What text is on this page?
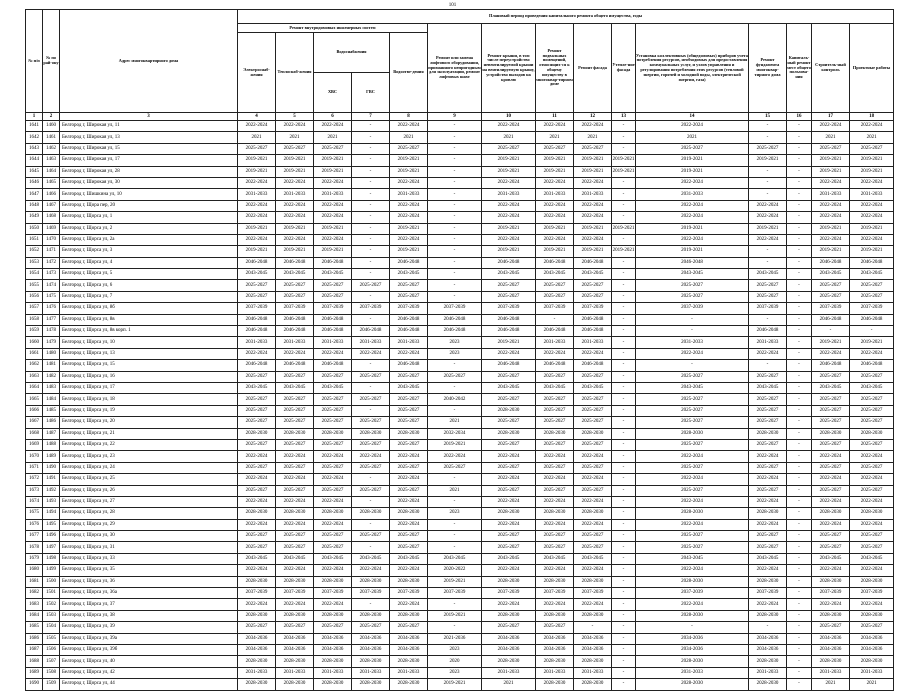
101
№ п/п	№ по рай-ону	Адрес многоквартирного дома	Плановый период проведения капитального ремонта общего имущества, годы														
			Ремонт внутридомовых инженерных систем					Ремонт или замена лифтового оборудования, признанного непригодным для эксплуатации, ремонт лифтовых шахт	Ремонт крыши, в том числе переустройство невентилируемой крыши на вентилируемую крышу, устройство выходов на кровлю	Ремонт подвальных помещений, относящих-ся к общему имуществу в многоквар-тирном доме	Ремонт фасада	Утепле-ние фасада	Установка коллективных (общедомовых) приборов учета потребления ресурсов, необходимых для предоставления коммунальных услуг, и узлов управления и регулирования потребления этих ресурсов (тепловой энергии, горячей и холодной воды, электрической энергии, газа)	Ремонт фундамента многоквар-тирного дома	Капиталь-ный ремонт мест общего пользова-ния	Строитель-ный контроль	Проектные работы
			Электроснаб-жения	Теплоснаб-жения	Водоснабжения		Водоотве-дения										
					ХВС	ГВС											
1	2	3	4	5	6	7	8	9	10	11	12	13	14	15	16	17	18
1641	1460	Белгород г, Широкая ул, 11	2022-2024	2022-2024	2022-2024	-	2022-2024	-	2022-2024	2022-2024	2022-2024	-	2022-2024	-	-	2022-2024	2022-2024
1642	1461	Белгород г, Широкая ул, 13	2021	2021	2021	-	2021	-	2021	2021	2021	-	2021	-	-	2021	2021
1643	1462	Белгород г, Широкая ул, 15	2025-2027	2025-2027	2025-2027	-	2025-2027	-	2025-2027	2025-2027	2025-2027	-	2025-2027	2025-2027	-	2025-2027	2025-2027
1644	1463	Белгород г, Широкая ул, 17	2019-2021	2019-2021	2019-2021	-	2019-2021	-	2019-2021	2019-2021	2019-2021	2019-2021	2019-2021	2019-2021	-	2019-2021	2019-2021
1645	1464	Белгород г, Широкая ул, 28	2019-2021	2019-2021	2019-2021	-	2019-2021	-	2019-2021	2019-2021	2019-2021	2019-2021	2019-2021	-	-	2019-2021	2019-2021
1646	1465	Белгород г, Широкая ул, 30	2022-2024	2022-2024	2022-2024	-	2022-2024	-	2022-2024	2022-2024	2022-2024	-	2022-2024	-	-	2022-2024	2022-2024
1647	1466	Белгород г, Шишкина ул, 10	2031-2033	2031-2033	2031-2033	-	2031-2033	-	2031-2033	2031-2033	2031-2033	-	2031-2033	-	-	2031-2033	2031-2033
1648	1467	Белгород г, Щора пер, 20	2022-2024	2022-2024	2022-2024	-	2022-2024	-	2022-2024	2022-2024	2022-2024	-	2022-2024	2022-2024	-	2022-2024	2022-2024
1649	1468	Белгород г, Щорса ул, 1	2022-2024	2022-2024	2022-2024	-	2022-2024	-	2022-2024	2022-2024	2022-2024	-	2022-2024	2022-2024	-	2022-2024	2022-2024
1650	1469	Белгород г, Щорса ул, 2	2019-2021	2019-2021	2019-2021	-	2019-2021	-	2019-2021	2019-2021	2019-2021	2019-2021	2019-2021	2019-2021	-	2019-2021	2019-2021
1651	1470	Белгород г, Щорса ул, 2а	2022-2024	2022-2024	2022-2024	-	2022-2024	-	2022-2024	2022-2024	2022-2024	-	2022-2024	2022-2024	-	2022-2024	2022-2024
1652	1471	Белгород г, Щорса ул, 3	2019-2021	2019-2021	2019-2021	-	2019-2021	-	2019-2021	2019-2021	2019-2021	2019-2021	2019-2021	-	-	2019-2021	2019-2021
1653	1472	Белгород г, Щорса ул, 4	2046-2048	2046-2048	2046-2048	-	2046-2048	-	2046-2048	2046-2048	2046-2048	-	2046-2048	-	-	2046-2048	2046-2048
1654	1473	Белгород г, Щорса ул, 5	2043-2045	2043-2045	2043-2045	-	2043-2045	-	2043-2045	2043-2045	2043-2045	-	2043-2045	2043-2045	-	2043-2045	2043-2045
1655	1474	Белгород г, Щорса ул, 6	2025-2027	2025-2027	2025-2027	2025-2027	2025-2027	-	2025-2027	2025-2027	2025-2027	-	2025-2027	2025-2027	-	2025-2027	2025-2027
1656	1475	Белгород г, Щорса ул, 7	2025-2027	2025-2027	2025-2027	-	2025-2027	-	2025-2027	2025-2027	2025-2027	-	2025-2027	2025-2027	-	2025-2027	2025-2027
1657	1476	Белгород г, Щорса ул, 8б	2037-2039	2037-2039	2037-2039	2037-2039	2037-2039	2037-2039	2037-2039	2037-2039	2037-2039	-	2037-2039	2037-2039	-	2037-2039	2037-2039
1658	1477	Белгород г, Щорса ул, 8в	2046-2048	2046-2048	2046-2048	-	2046-2048	2046-2048	2046-2048	-	2046-2048	-	-	-	-	2046-2048	2046-2048
1659	1478	Белгород г, Щорса ул, 8в корп. 1	2046-2048	2046-2048	2046-2048	2046-2048	2046-2048	2046-2048	2046-2048	2046-2048	2046-2048	-	-	2046-2048	-	-	-
1660	1479	Белгород г, Щорса ул, 10	2031-2033	2031-2033	2031-2033	2031-2033	2031-2033	2023	2019-2021	2031-2033	2031-2033	-	2031-2033	2031-2033	-	2019-2021	2019-2021
1661	1480	Белгород г, Щорса ул, 13	2022-2024	2022-2024	2022-2024	2022-2024	2022-2024	2023	2022-2024	2022-2024	2022-2024	-	2022-2024	2022-2024	-	2022-2024	2022-2024
1662	1481	Белгород г, Щорса ул, 15	2046-2048	2046-2048	2046-2048	-	2046-2048	-	2046-2048	2046-2048	2046-2048	-	-	-	-	2046-2048	2046-2048
1663	1482	Белгород г, Щорса ул, 16	2025-2027	2025-2027	2025-2027	2025-2027	2025-2027	2025-2027	2025-2027	2025-2027	2025-2027	-	2025-2027	2025-2027	-	2025-2027	2025-2027
1664	1483	Белгород г, Щорса ул, 17	2043-2045	2043-2045	2043-2045	-	2043-2045	-	2043-2045	2043-2045	2043-2045	-	2043-2045	2043-2045	-	2043-2045	2043-2045
1665	1484	Белгород г, Щорса ул, 18	2025-2027	2025-2027	2025-2027	2025-2027	2025-2027	2040-2042	2025-2027	2025-2027	2025-2027	-	2025-2027	2025-2027	-	2025-2027	2025-2027
1666	1485	Белгород г, Щорса ул, 19	2025-2027	2025-2027	2025-2027	-	2025-2027	-	2028-2030	2025-2027	2025-2027	-	2025-2027	2025-2027	-	2025-2027	2025-2027
1667	1486	Белгород г, Щорса ул, 20	2025-2027	2025-2027	2025-2027	2025-2027	2025-2027	2021	2025-2027	2025-2027	2025-2027	-	2025-2027	2025-2027	-	2025-2027	2025-2027
1668	1487	Белгород г, Щорса ул, 21	2028-2030	2028-2030	2028-2030	2028-2030	2028-2030	2032-2034	2028-2030	2028-2030	2028-2030	-	2028-2030	2028-2030	-	2028-2030	2028-2030
1669	1488	Белгород г, Щорса ул, 22	2025-2027	2025-2027	2025-2027	2025-2027	2025-2027	2019-2021	2025-2027	2025-2027	2025-2027	-	2025-2027	2025-2027	-	2025-2027	2025-2027
1670	1489	Белгород г, Щорса ул, 23	2022-2024	2022-2024	2022-2024	2022-2024	2022-2024	2022-2024	2022-2024	2022-2024	2022-2024	-	2022-2024	2022-2024	-	2022-2024	2022-2024
1671	1490	Белгород г, Щорса ул, 24	2025-2027	2025-2027	2025-2027	2025-2027	2025-2027	2025-2027	2025-2027	2025-2027	2025-2027	-	2025-2027	2025-2027	-	2025-2027	2025-2027
1672	1491	Белгород г, Щорса ул, 25	2022-2024	2022-2024	2022-2024	-	2022-2024	-	2022-2024	2022-2024	2022-2024	-	2022-2024	2022-2024	-	2022-2024	2022-2024
1673	1492	Белгород г, Щорса ул, 26	2025-2027	2025-2027	2025-2027	2025-2027	2025-2027	2021	2025-2027	2025-2027	2025-2027	-	2025-2027	2025-2027	-	2025-2027	2025-2027
1674	1493	Белгород г, Щорса ул, 27	2022-2024	2022-2024	2022-2024	-	2022-2024	-	2022-2024	2022-2024	2022-2024	-	2022-2024	2022-2024	-	2022-2024	2022-2024
1675	1494	Белгород г, Щорса ул, 28	2028-2030	2028-2030	2028-2030	2028-2030	2028-2030	2023	2028-2030	2028-2030	2028-2030	-	2028-2030	2028-2030	-	2028-2030	2028-2030
1676	1495	Белгород г, Щорса ул, 29	2022-2024	2022-2024	2022-2024	-	2022-2024	-	2022-2024	2022-2024	2022-2024	-	2022-2024	2022-2024	-	2022-2024	2022-2024
1677	1496	Белгород г, Щорса ул, 30	2025-2027	2025-2027	2025-2027	2025-2027	2025-2027	-	2025-2027	2025-2027	2025-2027	-	2025-2027	2025-2027	-	2025-2027	2025-2027
1678	1497	Белгород г, Щорса ул, 31	2025-2027	2025-2027	2025-2027	-	2025-2027	-	2025-2027	2025-2027	2025-2027	-	2025-2027	2025-2027	-	2025-2027	2025-2027
1679	1498	Белгород г, Щорса ул, 33	2043-2045	2043-2045	2043-2045	2043-2045	2043-2045	2043-2045	2043-2045	2043-2045	2043-2045	-	2043-2045	2043-2045	-	2043-2045	2043-2045
1680	1499	Белгород г, Щорса ул, 35	2022-2024	2022-2024	2022-2024	2022-2024	2022-2024	2020-2022	2022-2024	2022-2024	2022-2024	-	2022-2024	2022-2024	-	2022-2024	2022-2024
1681	1500	Белгород г, Щорса ул, 36	2028-2030	2028-2030	2028-2030	2028-2030	2028-2030	2019-2021	2028-2030	2028-2030	2028-2030	-	2028-2030	2028-2030	-	2028-2030	2028-2030
1682	1501	Белгород г, Щорса ул, 36а	2037-2039	2037-2039	2037-2039	2037-2039	2037-2039	2037-2039	2037-2039	2037-2039	2037-2039	-	2037-2039	2037-2039	-	2037-2039	2037-2039
1683	1502	Белгород г, Щорса ул, 37	2022-2024	2022-2024	2022-2024	-	2022-2024	-	2022-2024	2022-2024	2022-2024	-	2022-2024	2022-2024	-	2022-2024	2022-2024
1684	1503	Белгород г, Щорса ул, 38	2028-2030	2028-2030	2028-2030	2028-2030	2028-2030	2019-2021	2028-2030	2028-2030	2028-2030	-	2028-2030	2028-2030	-	2028-2030	2028-2030
1685	1504	Белгород г, Щорса ул, 39	2025-2027	2025-2027	2025-2027	2025-2027	2025-2027	-	2025-2027	2025-2027	-	-	-	-	-	2025-2027	2025-2027
1686	1505	Белгород г, Щорса ул, 39а	2034-2036	2034-2036	2034-2036	2034-2036	2034-2036	2021-2036	2034-2036	2034-2036	2034-2036	-	2034-2036	2034-2036	-	2034-2036	2034-2036
1687	1506	Белгород г, Щорса ул, 39б	2034-2036	2034-2036	2034-2036	2034-2036	2034-2036	2023	2034-2036	2034-2036	2034-2036	-	2034-2036	2034-2036	-	2034-2036	2034-2036
1688	1507	Белгород г, Щорса ул, 40	2028-2030	2028-2030	2028-2030	2028-2030	2028-2030	2020	2028-2030	2028-2030	2028-2030	-	2028-2030	2028-2030	-	2028-2030	2028-2030
1689	1508	Белгород г, Щорса ул, 42	2031-2033	2031-2033	2031-2033	2031-2033	2031-2033	2023	2031-2033	2031-2033	2031-2033	-	2031-2033	2031-2033	-	2031-2033	2031-2033
1690	1509	Белгород г, Щорса ул, 44	2028-2030	2028-2030	2028-2030	2028-2030	2028-2030	2019-2021	2021	2028-2030	2028-2030	-	2028-2030	2028-2030	-	2021	2021
